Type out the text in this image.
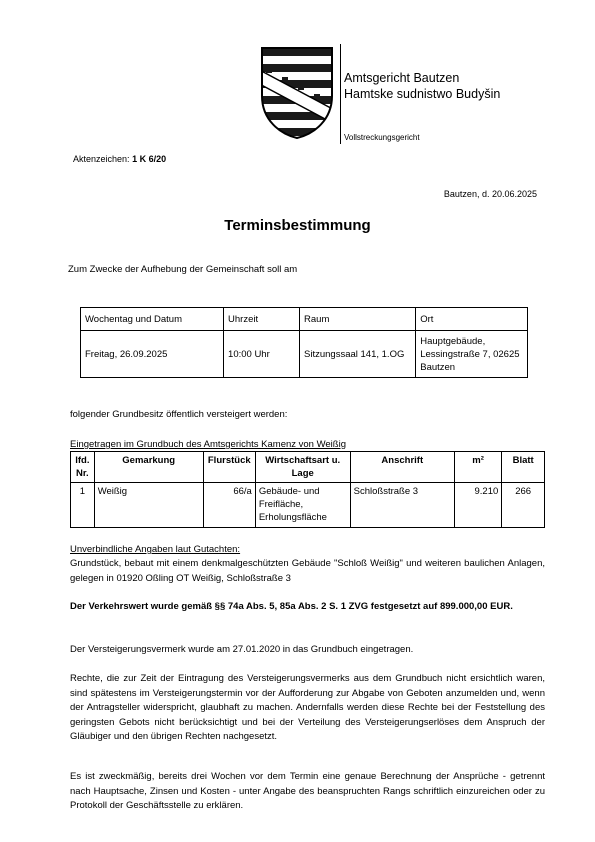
Amtsgericht Bautzen
Hamtske sudnistwo Budyšin
Vollstreckungsgericht
Aktenzeichen: 1 K 6/20
Bautzen, d. 20.06.2025
Terminsbestimmung
Zum Zwecke der Aufhebung der Gemeinschaft soll am
Wochentag und Datum	Uhrzeit	Raum	Ort
Freitag, 26.09.2025	10:00 Uhr	Sitzungssaal 141, 1.OG	Hauptgebäude, Lessingstraße 7, 02625 Bautzen
folgender Grundbesitz öffentlich versteigert werden:
Eingetragen im Grundbuch des Amtsgerichts Kamenz von Weißig
lfd. Nr.	Gemarkung	Flurstück	Wirtschaftsart u. Lage	Anschrift	m²	Blatt
1	Weißig	66/a	Gebäude- und Freifläche, Erholungsfläche	Schloßstraße 3	9.210	266
Unverbindliche Angaben laut Gutachten:
Grundstück, bebaut mit einem denkmalgeschützten Gebäude "Schloß Weißig" und weiteren baulichen Anlagen, gelegen in 01920 Oßling OT Weißig, Schloßstraße 3
Der Verkehrswert wurde gemäß §§ 74a Abs. 5, 85a Abs. 2 S. 1 ZVG festgesetzt auf 899.000,00 EUR.
Der Versteigerungsvermerk wurde am 27.01.2020 in das Grundbuch eingetragen.
Rechte, die zur Zeit der Eintragung des Versteigerungsvermerks aus dem Grundbuch nicht ersichtlich waren, sind spätestens im Versteigerungstermin vor der Aufforderung zur Abgabe von Geboten anzumelden und, wenn der Antragsteller widerspricht, glaubhaft zu machen. Andernfalls werden diese Rechte bei der Feststellung des geringsten Gebots nicht berücksichtigt und bei der Verteilung des Versteigerungserlöses dem Anspruch der Gläubiger und den übrigen Rechten nachgesetzt.
Es ist zweckmäßig, bereits drei Wochen vor dem Termin eine genaue Berechnung der Ansprüche - getrennt nach Hauptsache, Zinsen und Kosten - unter Angabe des beanspruchten Rangs schriftlich einzureichen oder zu Protokoll der Geschäftsstelle zu erklären.
